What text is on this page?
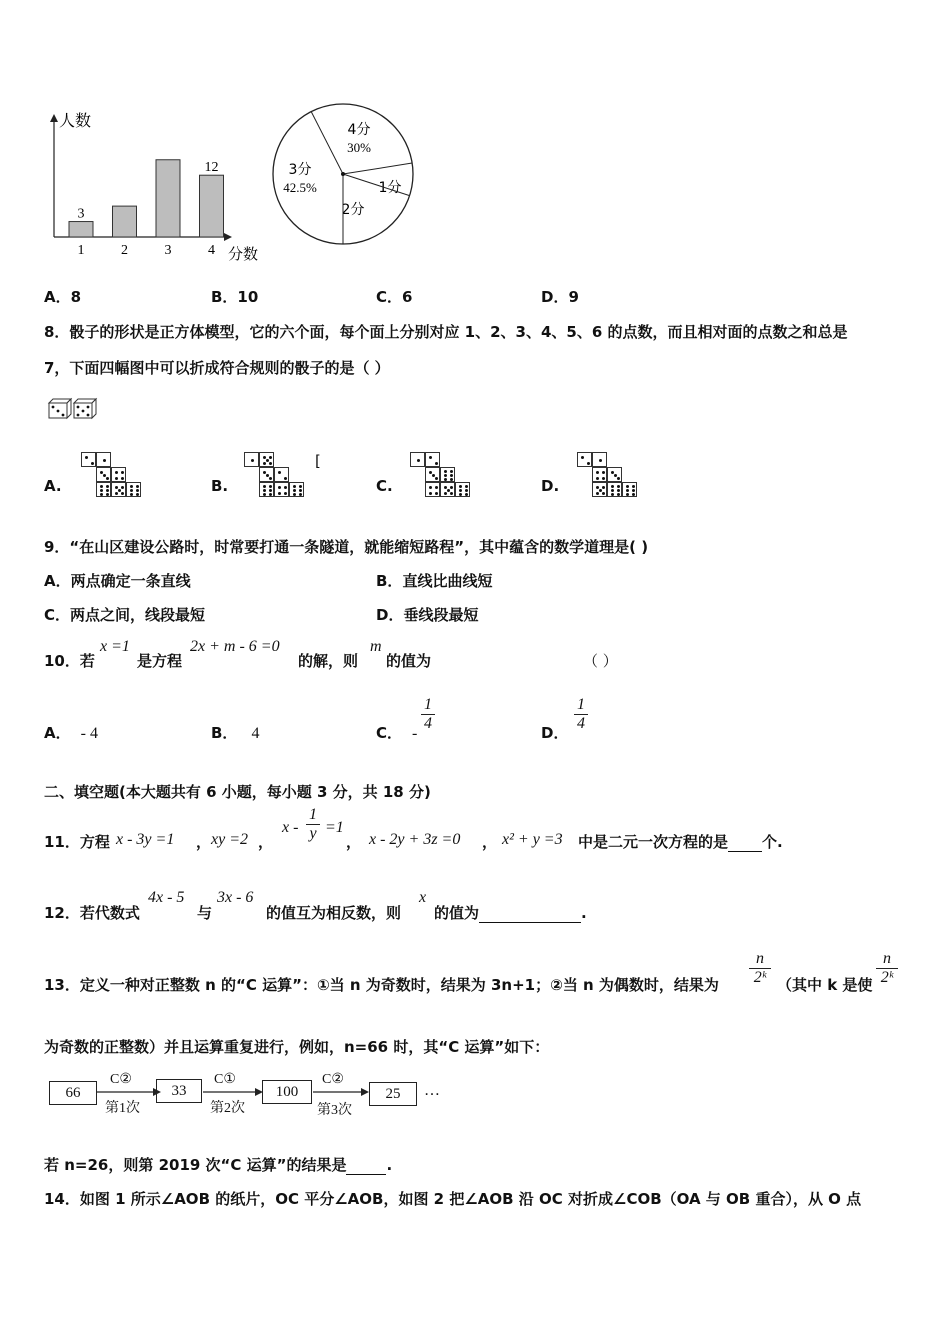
人数
分数
1
3
2	3	4
12
4分
30%
1分
2分
3分
42.5%
A．8	B．10	C．6	D．9
8．骰子的形状是正方体模型，它的六个面，每个面上分别对应 1、2、3、4、5、6 的点数，而且相对面的点数之和总是
7，下面四幅图中可以折成符合规则的骰子的是（ ）
A.	B.	C.	D.
[
9．“在山区建设公路时，时常要打通一条隧道，就能缩短路程”，其中蕴含的数学道理是( )
A．两点确定一条直线	B．直线比曲线短
C．两点之间，线段最短	D．垂线段最短
10．若
x =1
是方程
2x + m - 6 =0
的解，则
m
的值为	（ ）
A． - 4	B． 4	C． -
$\frac{1}{4}$	D． $\frac{1}{4}$
二、填空题(本大题共有 6 小题，每小题 3 分，共 18 分)
11．方程 x - 3y =1 ， xy =2 ，
$x - \frac{1}{y} =1$
， x - 2y + 3z =0 ， x² + y =3 中是二元一次方程的是 个.
12．若代数式
4x - 5
与
3x - 6
的值互为相反数，则
x
的值为	.
13．定义一种对正整数 n 的“C 运算”：①当 n 为奇数时，结果为 3n+1；②当 n 为偶数时，结果为 $\frac{n}{\text{2ᵏ}}$ （其中 k 是使 $\frac{n}{\text{2ᵏ}}$
为奇数的正整数）并且运算重复进行，例如，n=66 时，其“C 运算”如下：
66	33	100	25
C②	C①	C②
第1次	第2次	第3次
…
若 n=26，则第 2019 次“C 运算”的结果是	.
14．如图 1 所示∠AOB 的纸片，OC 平分∠AOB，如图 2 把∠AOB 沿 OC 对折成∠COB（OA 与 OB 重合），从 O 点
